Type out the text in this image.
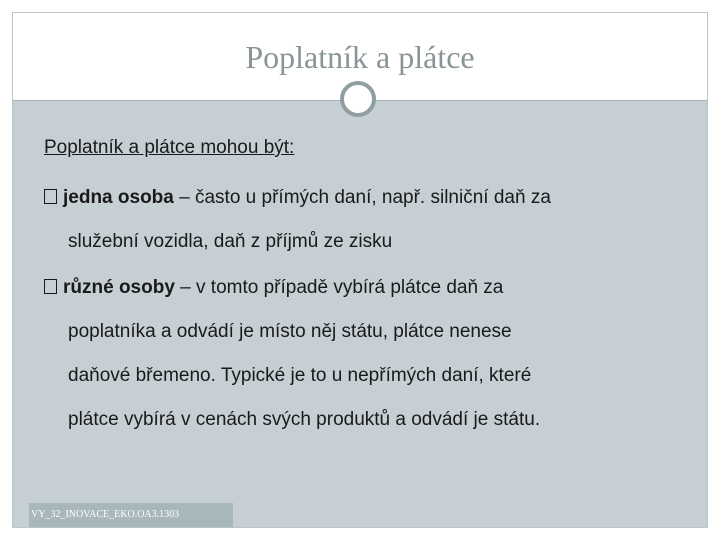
Poplatník a plátce
VY_32_INOVACE_EKO.OA3.1303
Poplatník a plátce mohou být:
jedna osoba – často u přímých daní, např. silniční daň za
služební vozidla, daň z příjmů ze zisku
různé osoby – v tomto případě vybírá plátce daň za
poplatníka a odvádí je místo něj státu, plátce nenese
daňové břemeno. Typické je to u nepřímých daní, které
plátce vybírá v cenách svých produktů a odvádí je státu.
